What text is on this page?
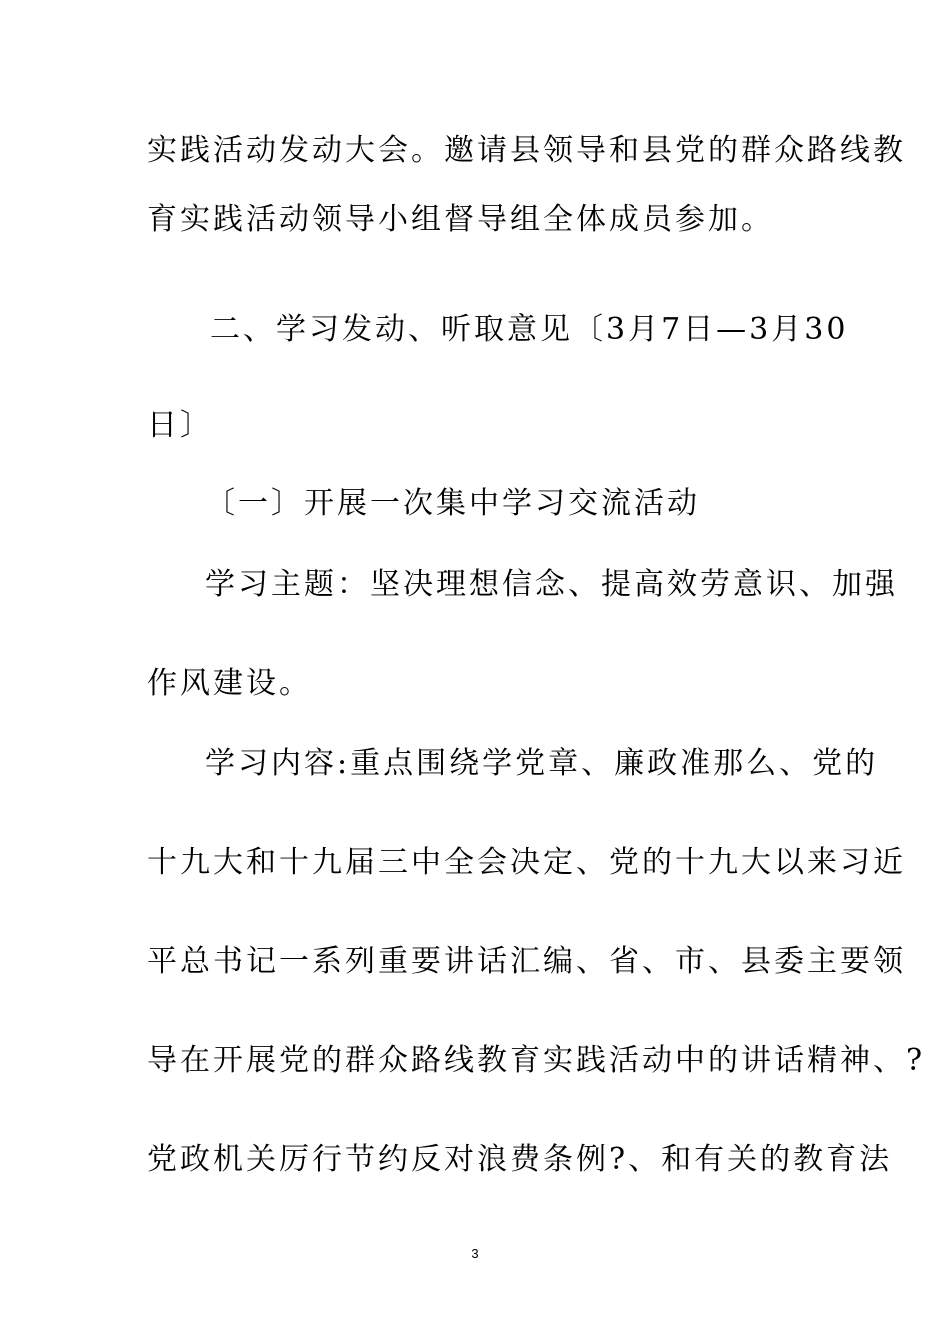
实践活动发动大会。邀请县领导和县党的群众路线教
育实践活动领导小组督导组全体成员参加。
二、学习发动、听取意见〔3月7日—3月30
日〕
〔一〕开展一次集中学习交流活动
学习主题：坚决理想信念、提高效劳意识、加强
作风建设。
学习内容:重点围绕学党章、廉政准那么、党的
十九大和十九届三中全会决定、党的十九大以来习近
平总书记一系列重要讲话汇编、省、市、县委主要领
导在开展党的群众路线教育实践活动中的讲话精神、?
党政机关厉行节约反对浪费条例?、和有关的教育法
3
